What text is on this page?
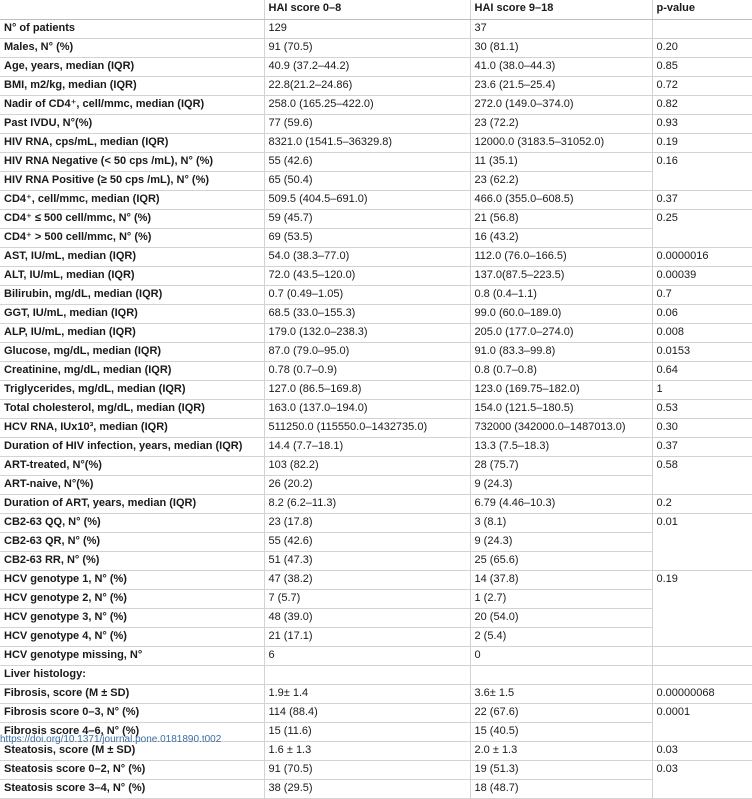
	HAI score 0–8	HAI score 9–18	p-value
N° of patients	129	37	
Males, N° (%)	91 (70.5)	30 (81.1)	0.20
Age, years, median (IQR)	40.9 (37.2–44.2)	41.0 (38.0–44.3)	0.85
BMI, m2/kg, median (IQR)	22.8(21.2–24.86)	23.6 (21.5–25.4)	0.72
Nadir of CD4⁺, cell/mmc, median (IQR)	258.0 (165.25–422.0)	272.0 (149.0–374.0)	0.82
Past IVDU, N°(%)	77 (59.6)	23 (72.2)	0.93
HIV RNA, cps/mL, median (IQR)	8321.0 (1541.5–36329.8)	12000.0 (3183.5–31052.0)	0.19
HIV RNA Negative (< 50 cps /mL), N° (%)	55 (42.6)	11 (35.1)	0.16
HIV RNA Positive (≥ 50 cps /mL), N° (%)	65 (50.4)	23 (62.2)	
CD4⁺, cell/mmc, median (IQR)	509.5 (404.5–691.0)	466.0 (355.0–608.5)	0.37
CD4⁺ ≤ 500 cell/mmc, N° (%)	59 (45.7)	21 (56.8)	0.25
CD4⁺ > 500 cell/mmc, N° (%)	69 (53.5)	16 (43.2)	
AST, IU/mL, median (IQR)	54.0 (38.3–77.0)	112.0 (76.0–166.5)	0.0000016
ALT, IU/mL, median (IQR)	72.0 (43.5–120.0)	137.0(87.5–223.5)	0.00039
Bilirubin, mg/dL, median (IQR)	0.7 (0.49–1.05)	0.8 (0.4–1.1)	0.7
GGT, IU/mL, median (IQR)	68.5 (33.0–155.3)	99.0 (60.0–189.0)	0.06
ALP, IU/mL, median (IQR)	179.0 (132.0–238.3)	205.0 (177.0–274.0)	0.008
Glucose, mg/dL, median (IQR)	87.0 (79.0–95.0)	91.0 (83.3–99.8)	0.0153
Creatinine, mg/dL, median (IQR)	0.78 (0.7–0.9)	0.8 (0.7–0.8)	0.64
Triglycerides, mg/dL, median (IQR)	127.0 (86.5–169.8)	123.0 (169.75–182.0)	1
Total cholesterol, mg/dL, median (IQR)	163.0 (137.0–194.0)	154.0 (121.5–180.5)	0.53
HCV RNA, IUx10³, median (IQR)	511250.0 (115550.0–1432735.0)	732000 (342000.0–1487013.0)	0.30
Duration of HIV infection, years, median (IQR)	14.4 (7.7–18.1)	13.3 (7.5–18.3)	0.37
ART-treated, N°(%)	103 (82.2)	28 (75.7)	0.58
ART-naive, N°(%)	26 (20.2)	9 (24.3)	
Duration of ART, years, median (IQR)	8.2 (6.2–11.3)	6.79 (4.46–10.3)	0.2
CB2-63 QQ, N° (%)	23 (17.8)	3 (8.1)	0.01
CB2-63 QR, N° (%)	55 (42.6)	9 (24.3)	
CB2-63 RR, N° (%)	51 (47.3)	25 (65.6)	
HCV genotype 1, N° (%)	47 (38.2)	14 (37.8)	0.19
HCV genotype 2, N° (%)	7 (5.7)	1 (2.7)	
HCV genotype 3, N° (%)	48 (39.0)	20 (54.0)	
HCV genotype 4, N° (%)	21 (17.1)	2 (5.4)	
HCV genotype missing, N°	6	0	
Liver histology:			
Fibrosis, score (M ± SD)	1.9± 1.4	3.6± 1.5	0.00000068
Fibrosis score 0–3, N° (%)	114 (88.4)	22 (67.6)	0.0001
Fibrosis score 4–6, N° (%)	15 (11.6)	15 (40.5)	
Steatosis, score (M ± SD)	1.6 ± 1.3	2.0 ± 1.3	0.03
Steatosis score 0–2, N° (%)	91 (70.5)	19 (51.3)	0.03
Steatosis score 3–4, N° (%)	38 (29.5)	18 (48.7)	
https://doi.org/10.1371/journal.pone.0181890.t002
